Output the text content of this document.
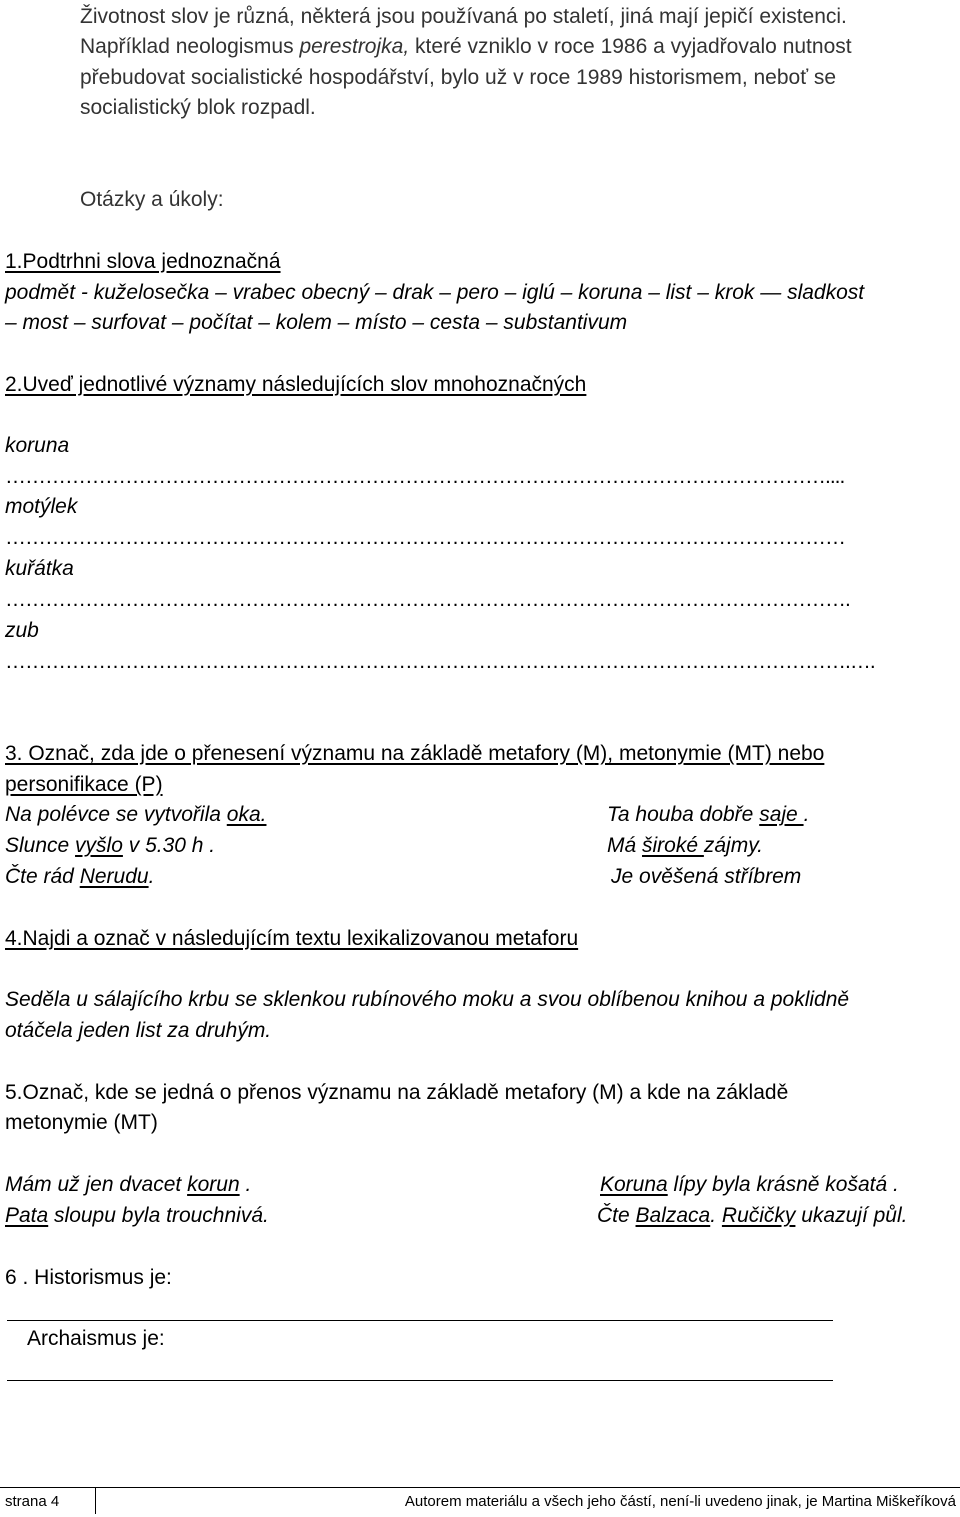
Životnost slov je různá, některá jsou používaná po staletí, jiná mají jepičí existenci.
Například neologismus perestrojka, které vzniklo v roce 1986 a vyjadřovalo nutnost
přebudovat socialistické hospodářství, bylo už v roce 1989 historismem, neboť se
socialistický blok rozpadl.
Otázky a úkoly:
1.Podtrhni slova jednoznačná
podmět - kuželosečka – vrabec obecný – drak – pero – iglú – koruna – list – krok — sladkost
– most – surfovat – počítat – kolem – místo – cesta – substantivum
2.Uveď jednotlivé významy následujících slov mnohoznačných
koruna
……………………………………………………………………………………………………………....
motýlek
………………………………………………………………………………………………………………
kuřátka
……………………………………………………………………………………………………………….
zub
……………………………………………………………………………………………………………….….
3. Označ, zda jde o přenesení významu na základě metafory (M), metonymie (MT) nebo
personifikace (P)
Na polévce se vytvořila oka.
Slunce vyšlo v 5.30 h .
Čte rád Nerudu.
Ta houba dobře saje .
Má široké zájmy.
Je ověšená stříbrem
4.Najdi a označ v následujícím textu lexikalizovanou metaforu
Seděla u sálajícího krbu se sklenkou rubínového moku a svou oblíbenou knihou a poklidně
otáčela jeden list za druhým.
5.Označ, kde se jedná o přenos významu na základě metafory (M) a kde na základě
metonymie (MT)
Mám už jen dvacet korun .
Pata sloupu byla trouchnivá.
Koruna lípy byla krásně košatá .
Čte Balzaca. Ručičky ukazují půl.
6 . Historismus je:
Archaismus je:
strana 4	Autorem materiálu a všech jeho částí, není-li uvedeno jinak, je Martina Miškeříková
